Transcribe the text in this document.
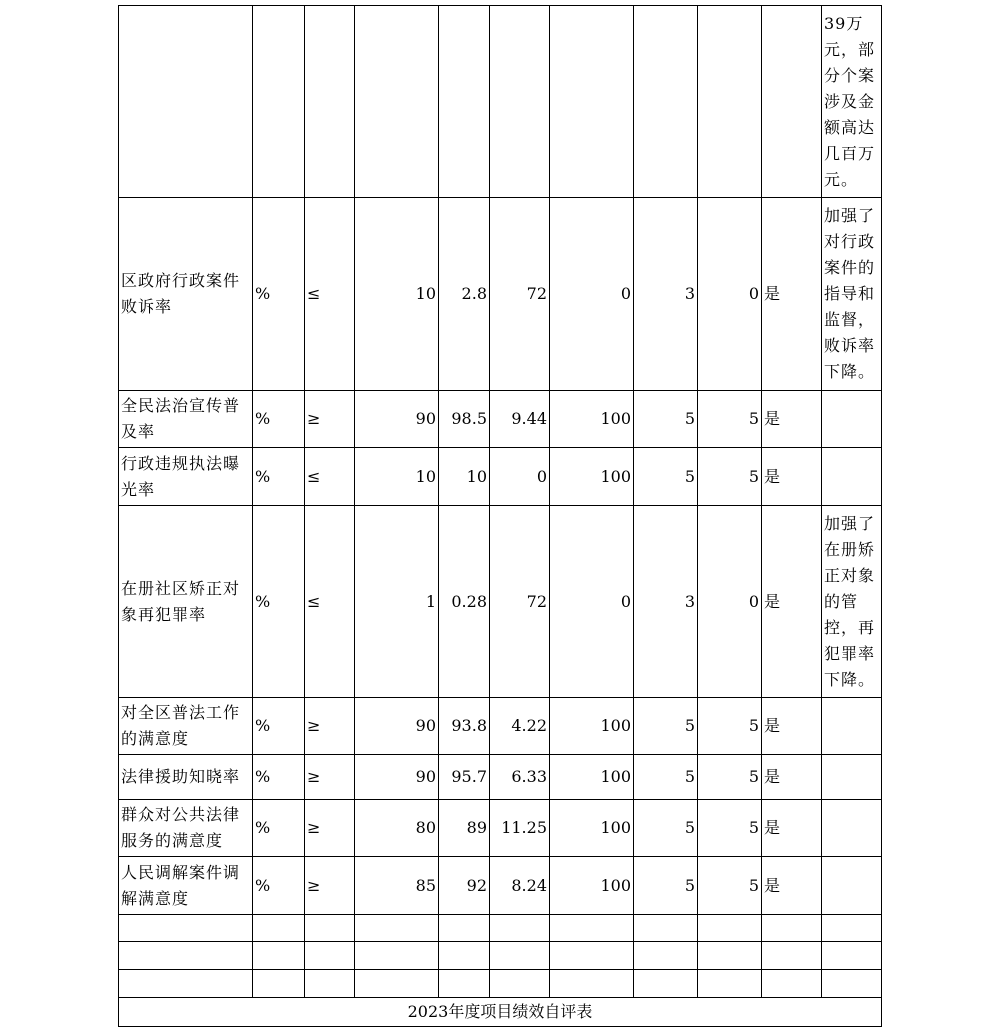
										39万元，部分个案涉及金额高达几百万元。
区政府行政案件败诉率	%	≤	10	2.8	72	0	3	0	是	加强了对行政案件的指导和监督，败诉率下降。
全民法治宣传普及率	%	≥	90	98.5	9.44	100	5	5	是	
行政违规执法曝光率	%	≤	10	10	0	100	5	5	是	
在册社区矫正对象再犯罪率	%	≤	1	0.28	72	0	3	0	是	加强了在册矫正对象的管控，再犯罪率下降。
对全区普法工作的满意度	%	≥	90	93.8	4.22	100	5	5	是	
法律援助知晓率	%	≥	90	95.7	6.33	100	5	5	是	
群众对公共法律服务的满意度	%	≥	80	89	11.25	100	5	5	是	
人民调解案件调解满意度	%	≥	85	92	8.24	100	5	5	是	

2023年度项目绩效自评表										
